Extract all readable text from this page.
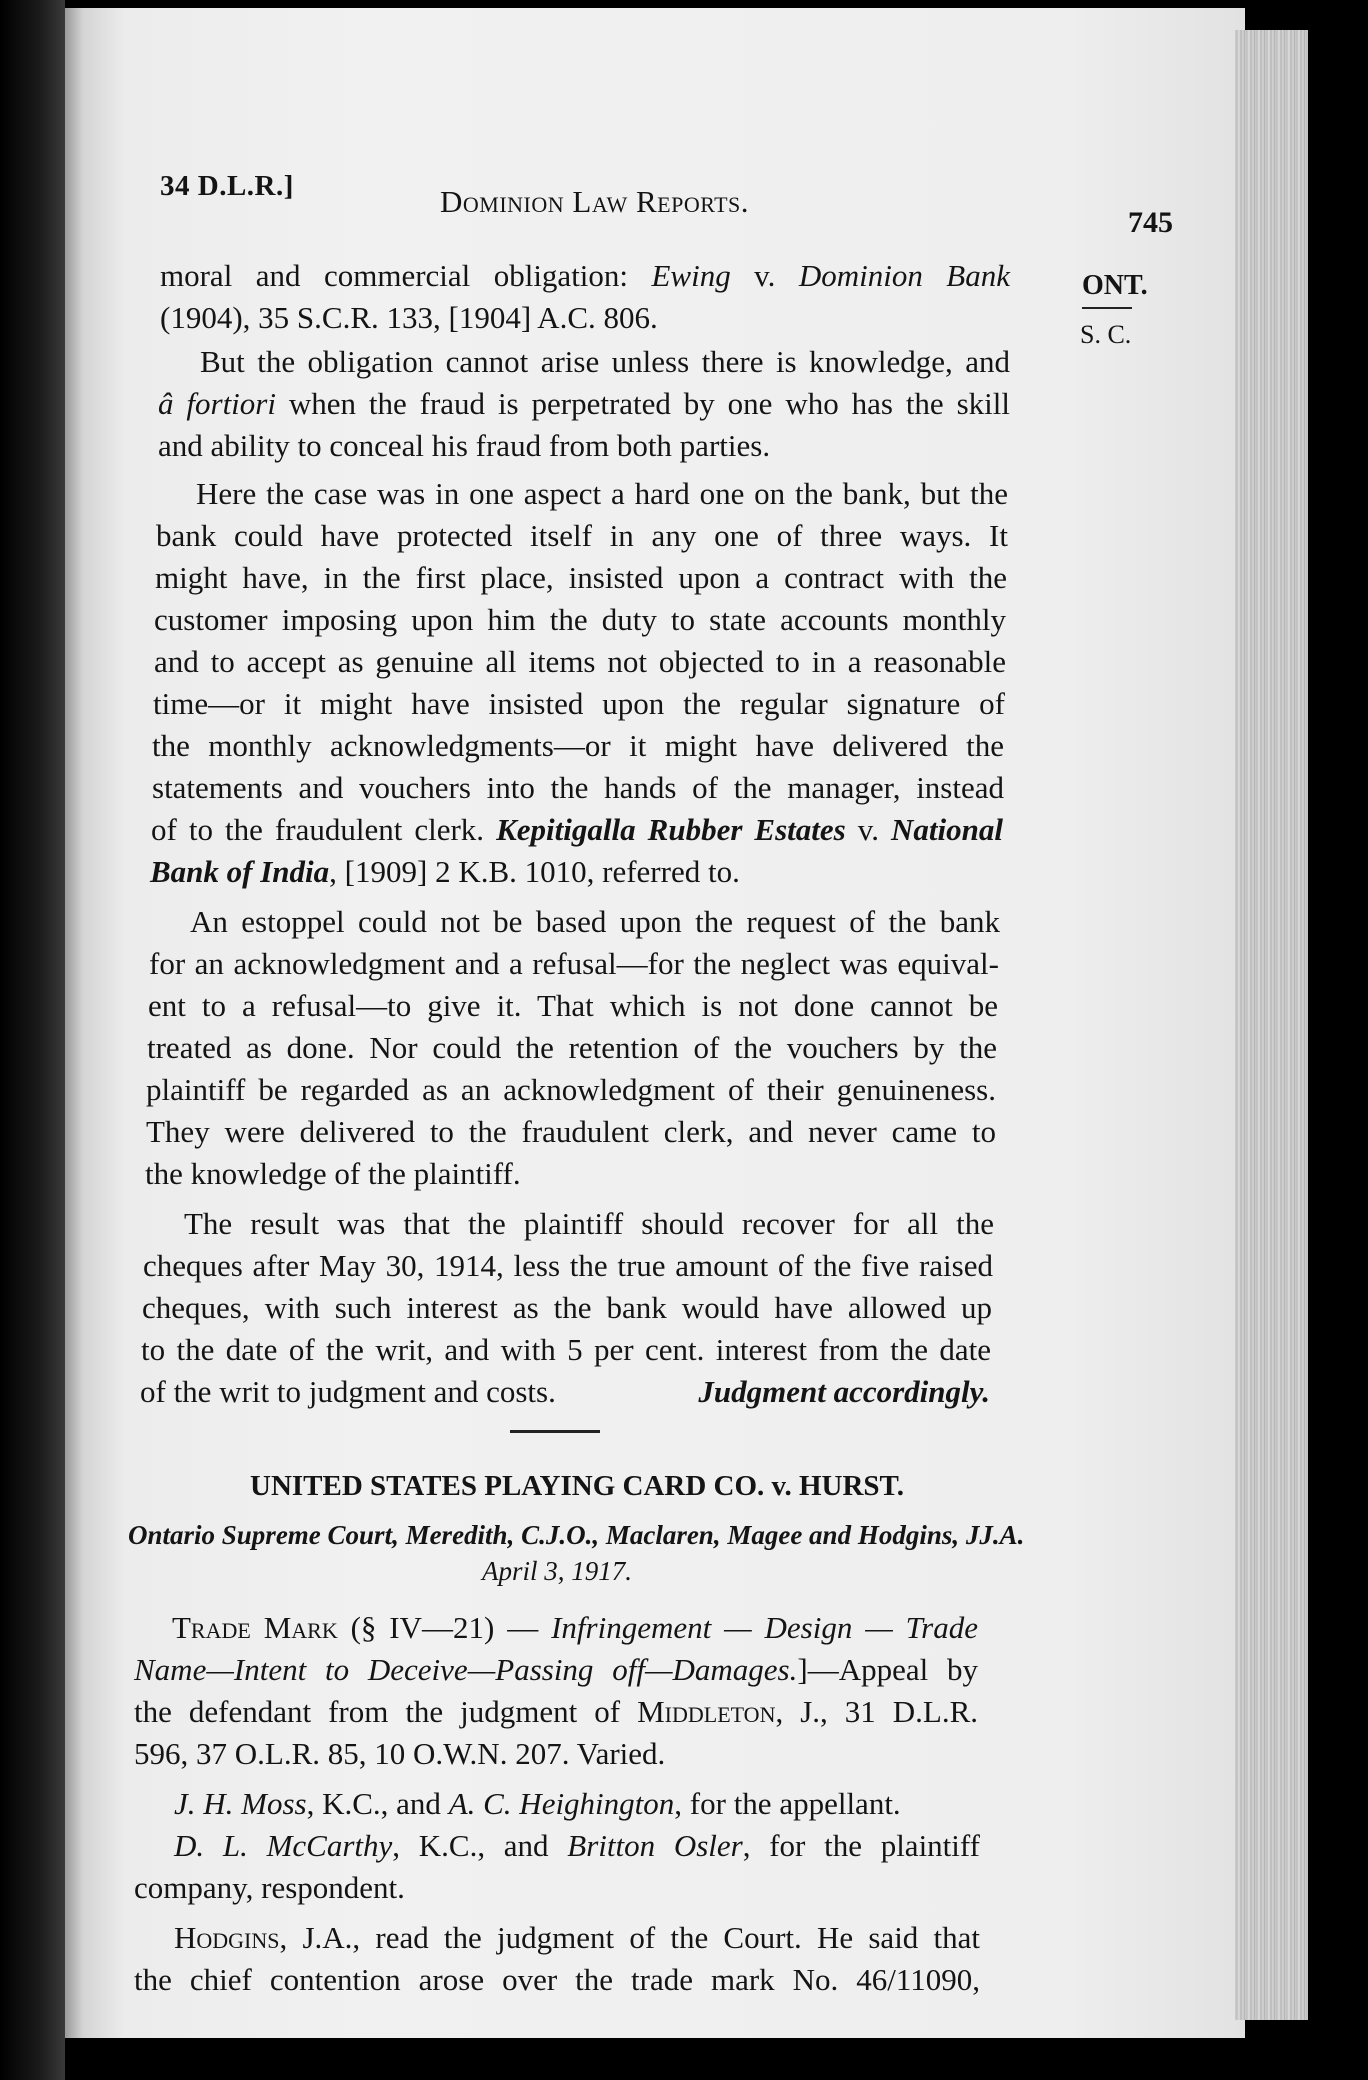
34 D.L.R.]	Dominion Law Reports.
745
ONT.
S. C.
moral and commercial obligation: Ewing v. Dominion Bank
(1904), 35 S.C.R. 133, [1904] A.C. 806.
But the obligation cannot arise unless there is knowledge, and
â fortiori when the fraud is perpetrated by one who has the skill
and ability to conceal his fraud from both parties.
Here the case was in one aspect a hard one on the bank, but the
bank could have protected itself in any one of three ways. It
might have, in the first place, insisted upon a contract with the
customer imposing upon him the duty to state accounts monthly
and to accept as genuine all items not objected to in a reasonable
time—or it might have insisted upon the regular signature of
the monthly acknowledgments—or it might have delivered the
statements and vouchers into the hands of the manager, instead
of to the fraudulent clerk. Kepitigalla Rubber Estates v. National
Bank of India, [1909] 2 K.B. 1010, referred to.
An estoppel could not be based upon the request of the bank
for an acknowledgment and a refusal—for the neglect was equival-
ent to a refusal—to give it. That which is not done cannot be
treated as done. Nor could the retention of the vouchers by the
plaintiff be regarded as an acknowledgment of their genuineness.
They were delivered to the fraudulent clerk, and never came to
the knowledge of the plaintiff.
The result was that the plaintiff should recover for all the
cheques after May 30, 1914, less the true amount of the five raised
cheques, with such interest as the bank would have allowed up
to the date of the writ, and with 5 per cent. interest from the date
of the writ to judgment and costs.	Judgment accordingly.
UNITED STATES PLAYING CARD CO. v. HURST.
Ontario Supreme Court, Meredith, C.J.O., Maclaren, Magee and Hodgins, JJ.A.
April 3, 1917.
Trade Mark (§ IV—21) — Infringement — Design — Trade
Name—Intent to Deceive—Passing off—Damages.]—Appeal by
the defendant from the judgment of Middleton, J., 31 D.L.R.
596, 37 O.L.R. 85, 10 O.W.N. 207. Varied.
J. H. Moss, K.C., and A. C. Heighington, for the appellant.
D. L. McCarthy, K.C., and Britton Osler, for the plaintiff
company, respondent.
Hodgins, J.A., read the judgment of the Court. He said that
the chief contention arose over the trade mark No. 46/11090,
